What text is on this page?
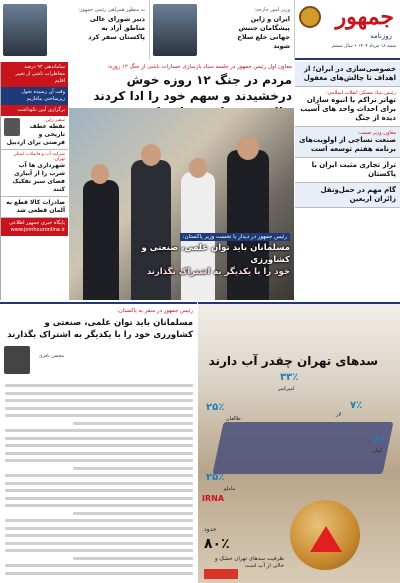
جمهور
روزنامه
شنبه ۱۸ مرداد ۱۴۰۴ • سال ششم
وزیر امور خارجه:
ایران و ژاپن پیشگامان جنبش جهانی خلع سلاح شوند
به منظور همراهی رئیس جمهور:
دبیر شورای عالی مناطق آزاد به پاکستان سفر کرد
خصوصی‌سازی در ایران؛ از اهداف تا چالش‌های مغفول
رئیس بنیاد مسکن انقلاب اسلامی:
تهاتر تراکم با انبوه سازان برای احداث واحد های آسیب دیده از جنگ
معاون وزیر صمت:
صنعت نساجی از اولویت‌های برنامه هفتم توسعه است
تراز تجاری مثبت ایران با پاکستان
گام مهم در حمل‌ونقل زائران اربعین
ساماندهی ۹۲ درصد مخاطرات ناشی از تغییر اقلیم
وقت آن رسیده تحول زیرساختی بیاغازیم
برگزاری آیین نکوداشت
سفیر ژاپن:
نقطه عطف تاریخی و فرصتی برای اردبیل
شرکت آب و فاضلاب استان تهران:
شهرداری ها آب شرب را از آبیاری فضای سبز تفکیک کنند
صادرات کالا قطع به آلمان قطعی شد
پایگاه خبری جمهور اطلاعی
www.jomhouronline.ir
معاون اول رئیس جمهور در جلسه ستاد بازسازی خسارات ناشی از جنگ ۱۲ روزه:
مردم در جنگ ۱۲ روزه خوش درخشیدند و سهم خود را ادا کردند
رئیس جمهور در دیدار با نخست وزیر پاکستان:
مسلمانان باید توان علمی، صنعتی و کشاورزی
خود را با یکدیگر به اشتراک بگذارند
رئیس جمهور در سفر به پاکستان:
مسلمانان باید توان علمی، صنعتی و کشاورزی خود را با یکدیگر به اشتراک بگذارند
محسن باقری	سدهای تهران چقدر آب دارند
۲۵٪
طالقان
۳۳٪
امیرکبیر
۷٪
لار
۶٪
لتیان
۲۵٪
ماملو
IRNA
حدود
۸۰٪
ظرفیت سدهای تهران خشک و خالی از آب است
